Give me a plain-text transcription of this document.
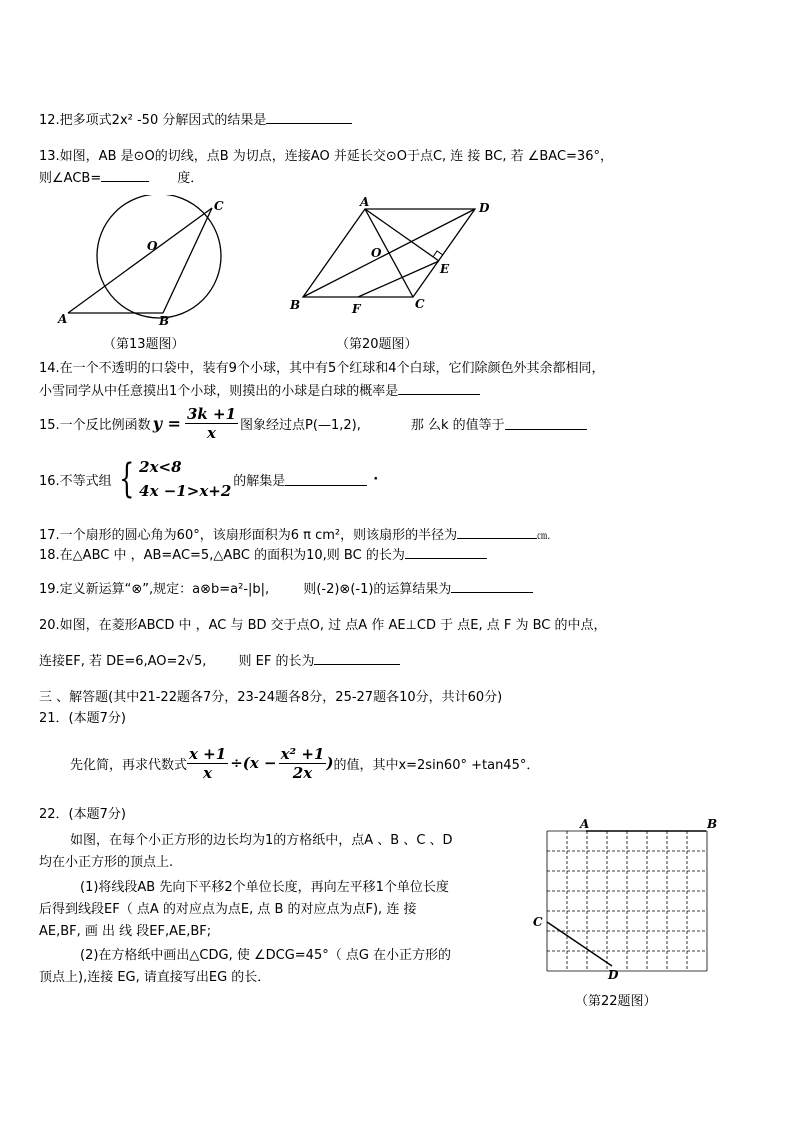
12.把多项式2x² -50 分解因式的结果是
13.如图，AB 是⊙O的切线，点B 为切点，连接AO 并延长交⊙O于点C, 连 接 BC, 若 ∠BAC=36°，
则∠ACB=	度．
A	B
C
O
（第13题图）
A	D
B	C
O
E
F
（第20题图）
14.在一个不透明的口袋中，装有9个小球，其中有5个红球和4个白球，它们除颜色外其余都相同，
小雪同学从中任意摸出1个小球，则摸出的小球是白球的概率是
15.一个反比例函数 $y = \frac{3k +1}{x}$ 图象经过点P(—1,2),	那 么k 的值等于
16.不等式组 { 2x<8
4x −1>x+2
的解集是	·
17.一个扇形的圆心角为60°，该扇形面积为6 π cm²，则该扇形的半径为	㎝.
18.在△ABC 中 ，AB=AC=5,△ABC 的面积为10,则 BC 的长为
19.定义新运算“⊗”,规定：a⊗b=a²-|b|,	则(-2)⊗(-1)的运算结果为
20.如图，在菱形ABCD 中 ，AC 与 BD 交于点O, 过 点A 作 AE⊥CD 于 点E, 点 F 为 BC 的中点，
连接EF, 若 DE=6,AO=2√5, 则 EF 的长为
三 、解答题(其中21-22题各7分，23-24题各8分，25-27题各10分，共计60分)
21．(本题7分)
先化简，再求代数式 $\frac{x +1}{x} \div(x - \frac{\text{x² +1}}{2x}$ ) 的值，其中x=2sin60° +tan45°．
22．(本题7分)
如图，在每个小正方形的边长均为1的方格纸中，点A 、B 、C 、D
均在小正方形的顶点上.
(1)将线段AB 先向下平移2个单位长度，再向左平移1个单位长度
后得到线段EF（ 点A 的对应点为点E, 点 B 的对应点为点F), 连 接
AE,BF, 画 出 线 段EF,AE,BF;
(2)在方格纸中画出△CDG, 使 ∠DCG=45°（ 点G 在小正方形的
顶点上),连接 EG, 请直接写出EG 的长．
A	B
C
D
（第22题图）
